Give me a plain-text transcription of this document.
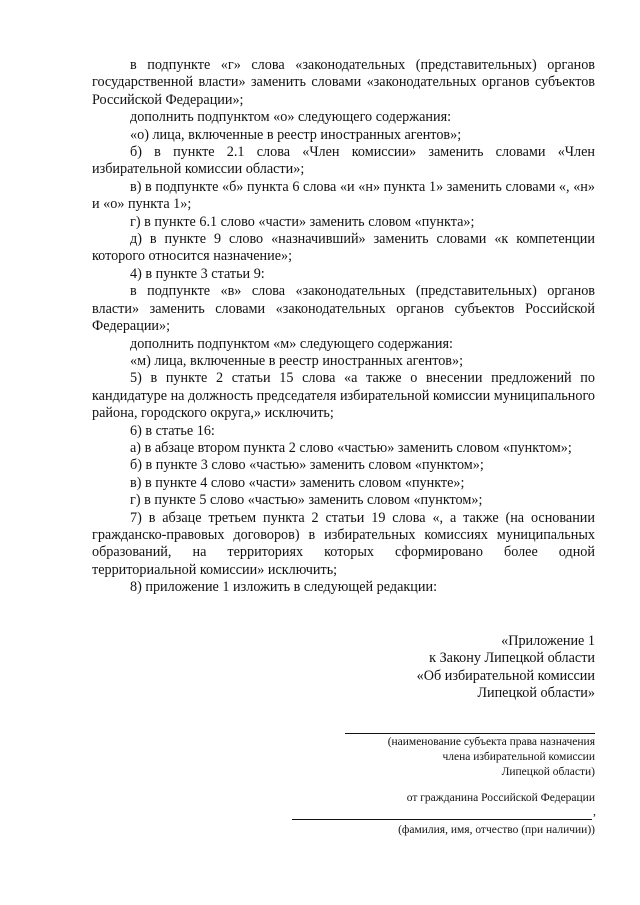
в подпункте «г» слова «законодательных (представительных) органов государственной власти» заменить словами «законодательных органов субъектов Российской Федерации»;

дополнить подпунктом «о» следующего содержания:

«о) лица, включенные в реестр иностранных агентов»;

б) в пункте 2.1 слова «Член комиссии» заменить словами «Член избирательной комиссии области»;

в) в подпункте «б» пункта 6 слова «и «н» пункта 1» заменить словами «, «н» и «о» пункта 1»;

г) в пункте 6.1 слово «части» заменить словом «пункта»;

д) в пункте 9 слово «назначивший» заменить словами «к компетенции которого относится назначение»;

4) в пункте 3 статьи 9:

в подпункте «в» слова «законодательных (представительных) органов власти» заменить словами «законодательных органов субъектов Российской Федерации»;

дополнить подпунктом «м» следующего содержания:

«м) лица, включенные в реестр иностранных агентов»;

5) в пункте 2 статьи 15 слова «а также о внесении предложений по кандидатуре на должность председателя избирательной комиссии муниципального района, городского округа,» исключить;

6) в статье 16:

а) в абзаце втором пункта 2 слово «частью» заменить словом «пунктом»;

б) в пункте 3 слово «частью» заменить словом «пунктом»;

в) в пункте 4 слово «части» заменить словом «пункте»;

г) в пункте 5 слово «частью» заменить словом «пунктом»;

7) в абзаце третьем пункта 2 статьи 19 слова «, а также (на основании гражданско-правовых договоров) в избирательных комиссиях муниципальных образований, на территориях которых сформировано более одной территориальной комиссии» исключить;

8) приложение 1 изложить в следующей редакции:

«Приложение 1
к Закону Липецкой области
«Об избирательной комиссии
Липецкой области»
(наименование субъекта права назначения
члена избирательной комиссии
Липецкой области)
от гражданина Российской Федерации
,
(фамилия, имя, отчество (при наличии))
